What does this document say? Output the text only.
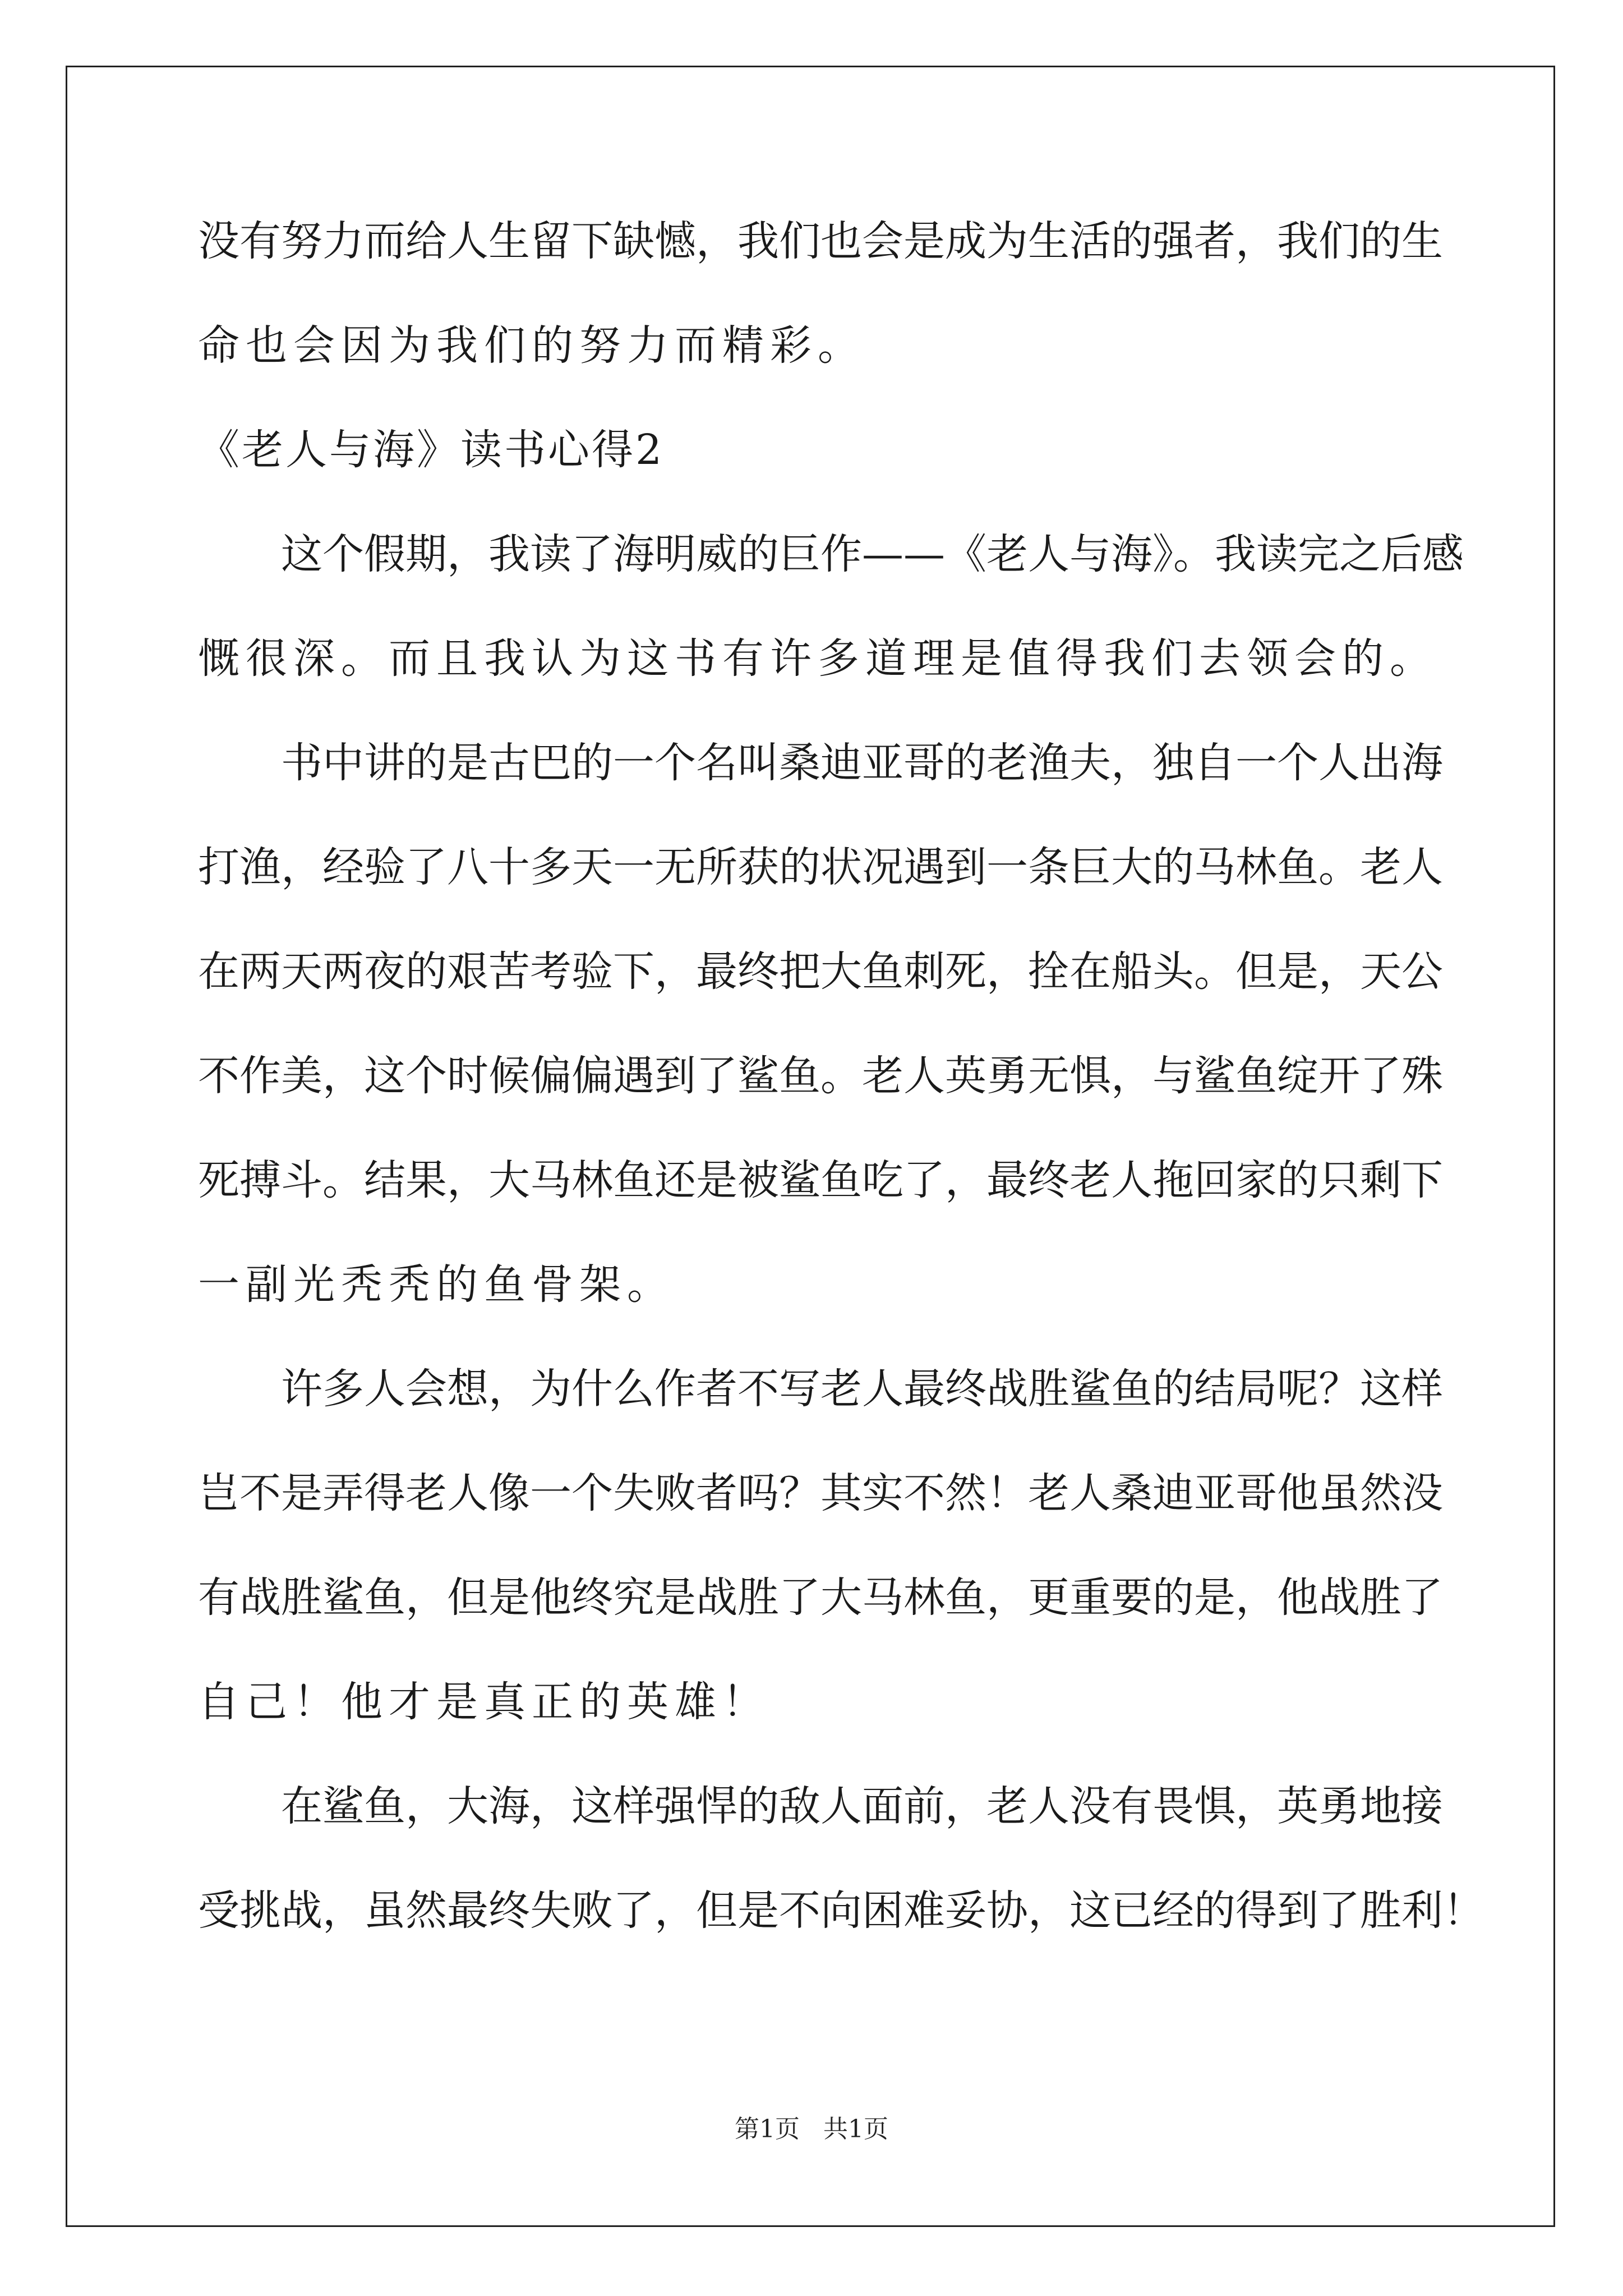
没有努力而给人生留下缺憾，我们也会是成为生活的强者，我们的生
命也会因为我们的努力而精彩。
《老人与海》读书心得2
这个假期，我读了海明威的巨作——《老人与海》。我读完之后感
慨很深。而且我认为这书有许多道理是值得我们去领会的。
书中讲的是古巴的一个名叫桑迪亚哥的老渔夫，独自一个人出海
打渔，经验了八十多天一无所获的状况遇到一条巨大的马林鱼。老人
在两天两夜的艰苦考验下，最终把大鱼刺死，拴在船头。但是，天公
不作美，这个时候偏偏遇到了鲨鱼。老人英勇无惧，与鲨鱼绽开了殊
死搏斗。结果，大马林鱼还是被鲨鱼吃了，最终老人拖回家的只剩下
一副光秃秃的鱼骨架。
许多人会想，为什么作者不写老人最终战胜鲨鱼的结局呢？这样
岂不是弄得老人像一个失败者吗？其实不然！老人桑迪亚哥他虽然没
有战胜鲨鱼，但是他终究是战胜了大马林鱼，更重要的是，他战胜了
自己！他才是真正的英雄！
在鲨鱼，大海，这样强悍的敌人面前，老人没有畏惧，英勇地接
受挑战，虽然最终失败了，但是不向困难妥协，这已经的得到了胜利！
第1页   共1页
